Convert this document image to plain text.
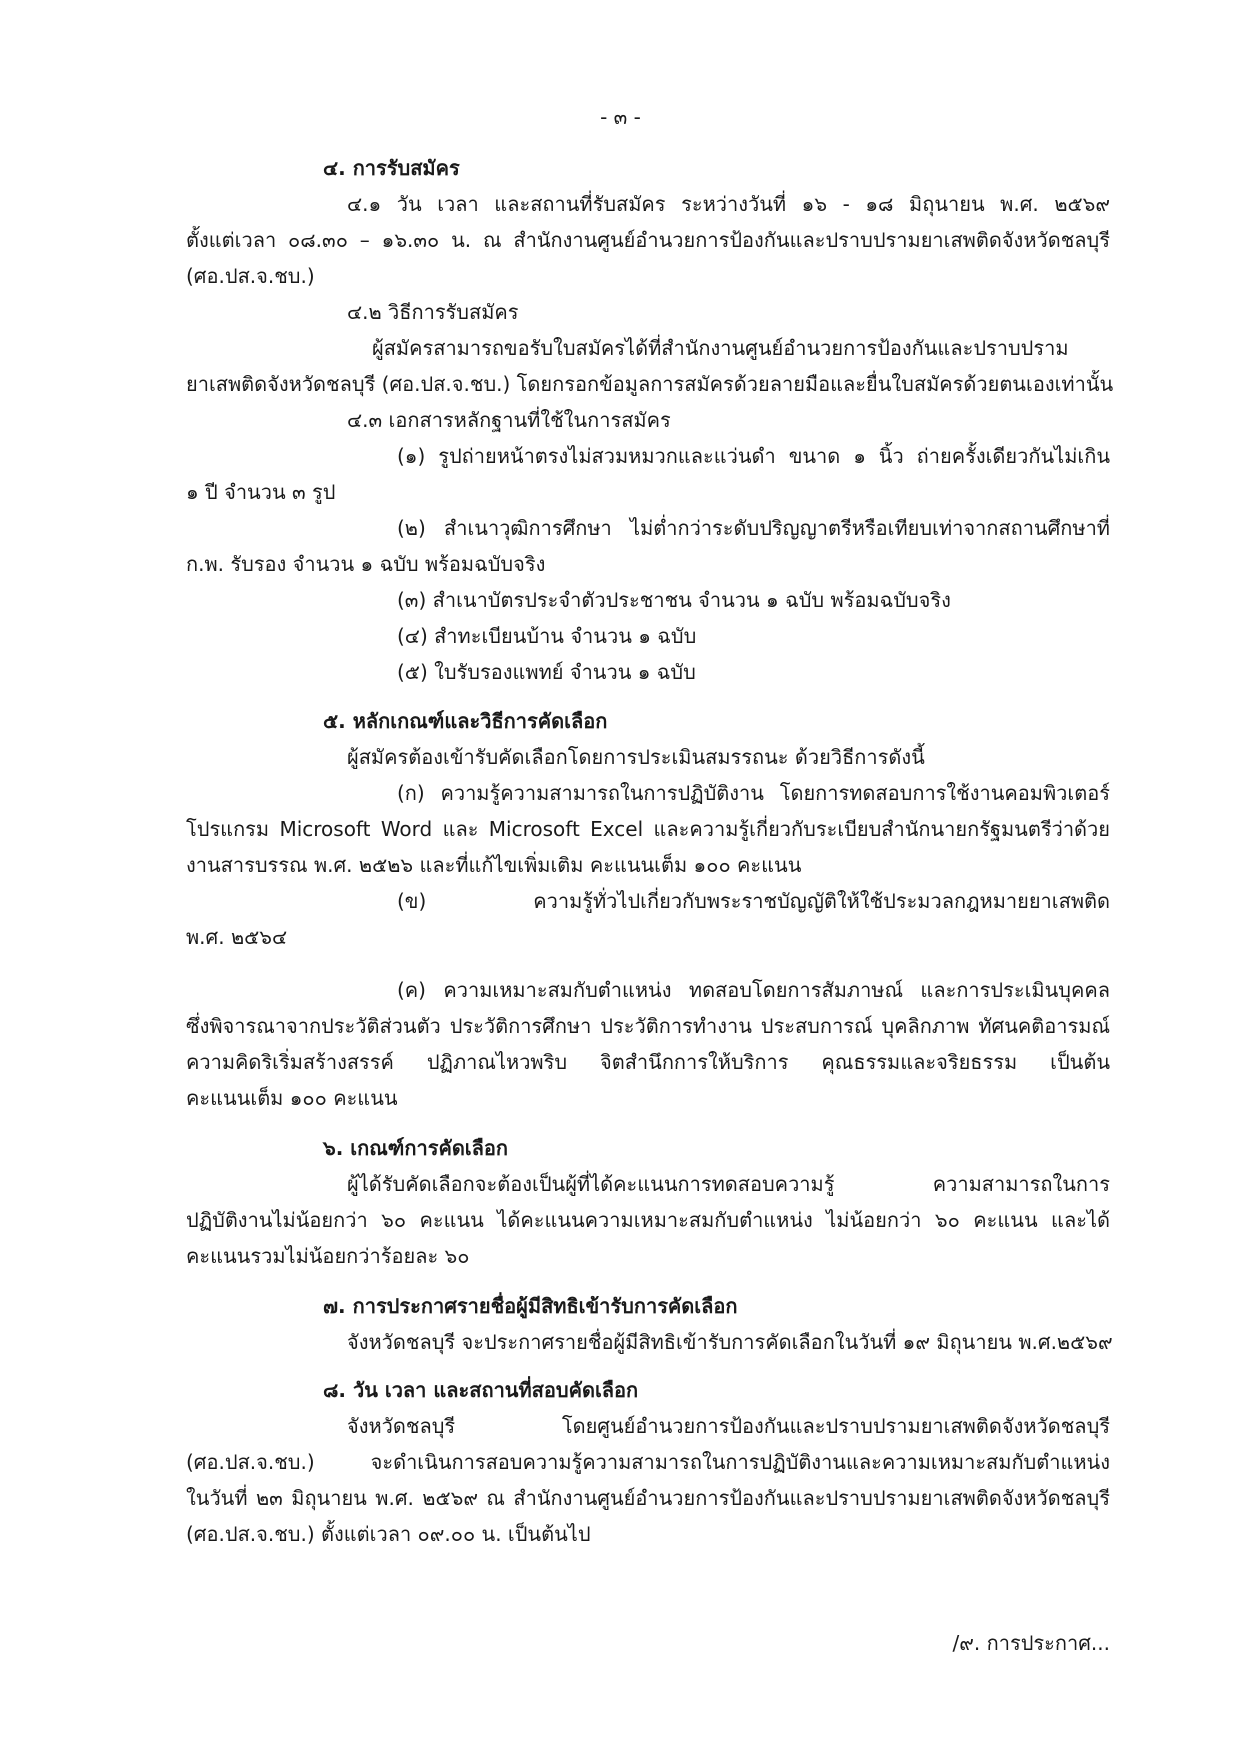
- ๓ -
๔. การรับสมัคร
๔.๑ วัน เวลา และสถานที่รับสมัคร ระหว่างวันที่ ๑๖ - ๑๘ มิถุนายน พ.ศ. ๒๕๖๙
ตั้งแต่เวลา ๐๘.๓๐ – ๑๖.๓๐ น. ณ สำนักงานศูนย์อำนวยการป้องกันและปราบปรามยาเสพติดจังหวัดชลบุรี
(ศอ.ปส.จ.ชบ.)
๔.๒ วิธีการรับสมัคร
ผู้สมัครสามารถขอรับใบสมัครได้ที่สำนักงานศูนย์อำนวยการป้องกันและปราบปราม
ยาเสพติดจังหวัดชลบุรี (ศอ.ปส.จ.ชบ.) โดยกรอกข้อมูลการสมัครด้วยลายมือและยื่นใบสมัครด้วยตนเองเท่านั้น
๔.๓ เอกสารหลักฐานที่ใช้ในการสมัคร
(๑) รูปถ่ายหน้าตรงไม่สวมหมวกและแว่นดำ ขนาด ๑ นิ้ว ถ่ายครั้งเดียวกันไม่เกิน
๑ ปี จำนวน ๓ รูป
(๒) สำเนาวุฒิการศึกษา ไม่ต่ำกว่าระดับปริญญาตรีหรือเทียบเท่าจากสถานศึกษาที่
ก.พ. รับรอง จำนวน ๑ ฉบับ พร้อมฉบับจริง
(๓) สำเนาบัตรประจำตัวประชาชน จำนวน ๑ ฉบับ พร้อมฉบับจริง
(๔) สำทะเบียนบ้าน จำนวน ๑ ฉบับ
(๕) ใบรับรองแพทย์ จำนวน ๑ ฉบับ
๕. หลักเกณฑ์และวิธีการคัดเลือก
ผู้สมัครต้องเข้ารับคัดเลือกโดยการประเมินสมรรถนะ ด้วยวิธีการดังนี้
(ก) ความรู้ความสามารถในการปฏิบัติงาน โดยการทดสอบการใช้งานคอมพิวเตอร์
โปรแกรม Microsoft Word และ Microsoft Excel และความรู้เกี่ยวกับระเบียบสำนักนายกรัฐมนตรีว่าด้วย
งานสารบรรณ พ.ศ. ๒๕๒๖ และที่แก้ไขเพิ่มเติม คะแนนเต็ม ๑๐๐ คะแนน
(ข) ความรู้ทั่วไปเกี่ยวกับพระราชบัญญัติให้ใช้ประมวลกฎหมายยาเสพติด
พ.ศ. ๒๕๖๔
(ค) ความเหมาะสมกับตำแหน่ง ทดสอบโดยการสัมภาษณ์ และการประเมินบุคคล
ซึ่งพิจารณาจากประวัติส่วนตัว ประวัติการศึกษา ประวัติการทำงาน ประสบการณ์ บุคลิกภาพ ทัศนคติอารมณ์
ความคิดริเริ่มสร้างสรรค์ ปฏิภาณไหวพริบ จิตสำนึกการให้บริการ คุณธรรมและจริยธรรม เป็นต้น
คะแนนเต็ม ๑๐๐ คะแนน
๖. เกณฑ์การคัดเลือก
ผู้ได้รับคัดเลือกจะต้องเป็นผู้ที่ได้คะแนนการทดสอบความรู้ ความสามารถในการ
ปฏิบัติงานไม่น้อยกว่า ๖๐ คะแนน ได้คะแนนความเหมาะสมกับตำแหน่ง ไม่น้อยกว่า ๖๐ คะแนน และได้
คะแนนรวมไม่น้อยกว่าร้อยละ ๖๐
๗. การประกาศรายชื่อผู้มีสิทธิเข้ารับการคัดเลือก
จังหวัดชลบุรี จะประกาศรายชื่อผู้มีสิทธิเข้ารับการคัดเลือกในวันที่ ๑๙ มิถุนายน พ.ศ.๒๕๖๙
๘. วัน เวลา และสถานที่สอบคัดเลือก
จังหวัดชลบุรี โดยศูนย์อำนวยการป้องกันและปราบปรามยาเสพติดจังหวัดชลบุรี
(ศอ.ปส.จ.ชบ.) จะดำเนินการสอบความรู้ความสามารถในการปฏิบัติงานและความเหมาะสมกับตำแหน่ง
ในวันที่ ๒๓ มิถุนายน พ.ศ. ๒๕๖๙ ณ สำนักงานศูนย์อำนวยการป้องกันและปราบปรามยาเสพติดจังหวัดชลบุรี
(ศอ.ปส.จ.ชบ.) ตั้งแต่เวลา ๐๙.๐๐ น. เป็นต้นไป
/๙. การประกาศ...
